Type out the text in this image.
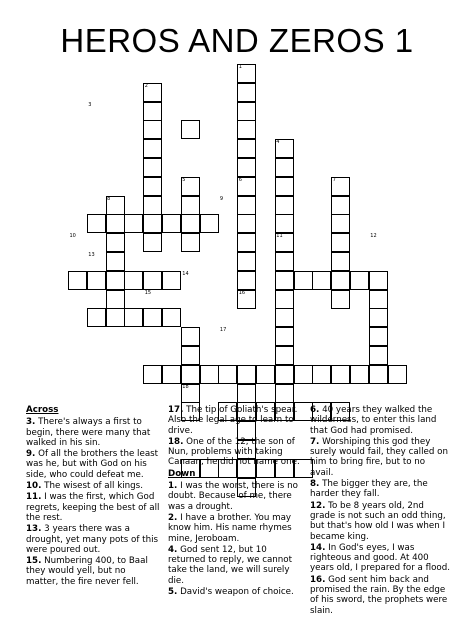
HEROS AND ZEROS 1
1
2
3
4
5	6	7
8	9
10	11	12
13
14
15	16
17
18

Across

3. There's always a first to begin, there were many that walked in his sin.

9. Of all the brothers the least was he, but with God on his side, who could defeat me.

10. The wisest of all kings.

11. I was the first, which God regrets, keeping the best of all the rest.

13. 3 years there was a drought, yet many pots of this were poured out.

15. Numbering 400, to Baal they would yell, but no matter, the fire never fell.

17. The tip of Goliath's spear. Also the legal age to learn to drive.

18. One of the 12, the son of Nun, problems with taking Canaan, he did not name one.

Down

1. I was the worst, there is no doubt. Because of me, there was a drought.

2. I have a brother. You may know him. His name rhymes mine, Jeroboam.

4. God sent 12, but 10 returned to reply, we cannot take the land, we will surely die.

5. David's weapon of choice.

6. 40 years they walked the wilderness, to enter this land that God had promised.

7. Worshiping this god they surely would fail, they called on him to bring fire, but to no avail.

8. The bigger they are, the harder they fall.

12. To be 8 years old, 2nd grade is not such an odd thing, but that's how old I was when I became king.

14. In God's eyes, I was righteous and good. At 400 years old, I prepared for a flood.

16. God sent him back and promised the rain. By the edge of his sword, the prophets were slain.
